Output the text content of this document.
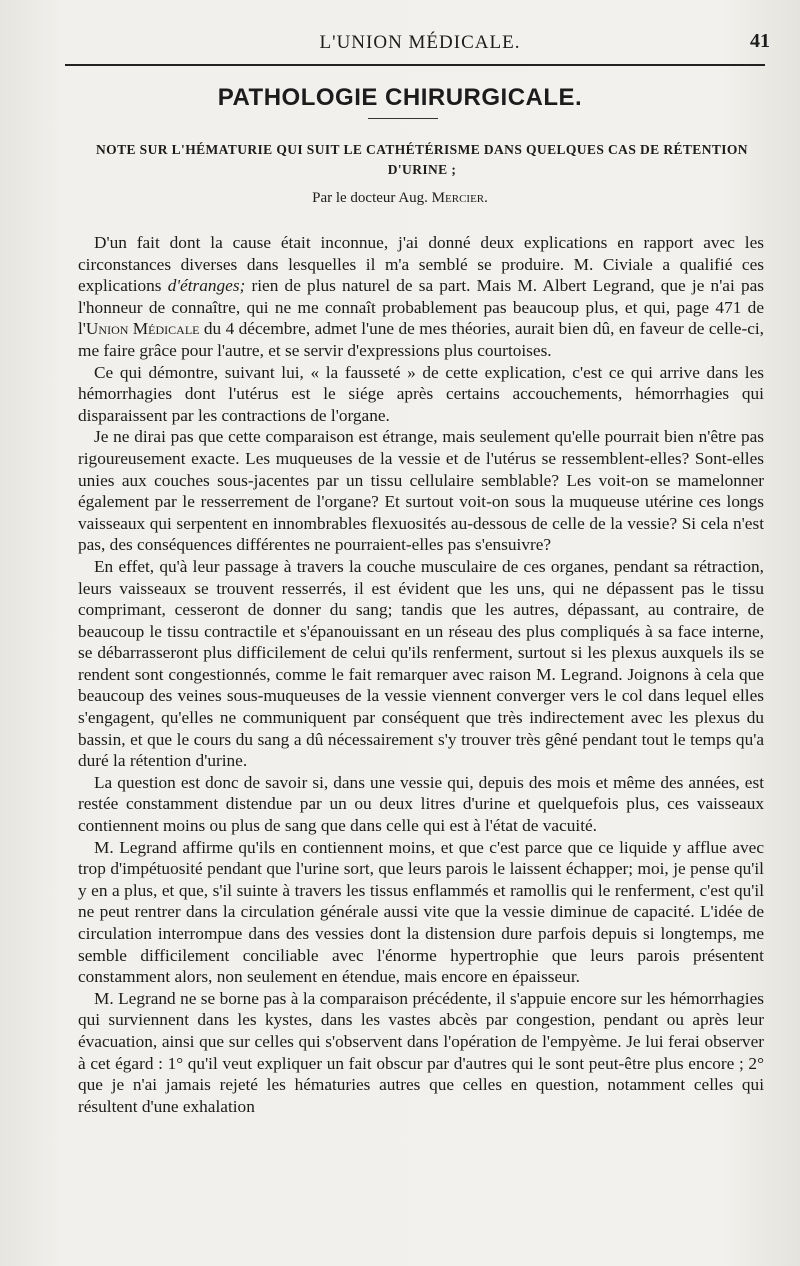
L'UNION MÉDICALE.	41
PATHOLOGIE CHIRURGICALE.
NOTE SUR L'HÉMATURIE QUI SUIT LE CATHÉTÉRISME DANS QUELQUES CAS DE RÉTENTION D'URINE ;
Par le docteur Aug. Mercier.

D'un fait dont la cause était inconnue, j'ai donné deux explications en rapport avec les circonstances diverses dans lesquelles il m'a semblé se produire. M. Civiale a qualifié ces explications d'étranges; rien de plus naturel de sa part. Mais M. Albert Legrand, que je n'ai pas l'honneur de connaître, qui ne me connaît probablement pas beaucoup plus, et qui, page 471 de l'Union Médicale du 4 décembre, admet l'une de mes théories, aurait bien dû, en faveur de celle-ci, me faire grâce pour l'autre, et se servir d'expressions plus courtoises.

Ce qui démontre, suivant lui, « la fausseté » de cette explication, c'est ce qui arrive dans les hémorrhagies dont l'utérus est le siége après certains accouchements, hémorrhagies qui disparaissent par les contractions de l'organe.

Je ne dirai pas que cette comparaison est étrange, mais seulement qu'elle pourrait bien n'être pas rigoureusement exacte. Les muqueuses de la vessie et de l'utérus se ressemblent-elles? Sont-elles unies aux couches sous-jacentes par un tissu cellulaire semblable? Les voit-on se mamelonner également par le resserrement de l'organe? Et surtout voit-on sous la muqueuse utérine ces longs vaisseaux qui serpentent en innombrables flexuosités au-dessous de celle de la vessie? Si cela n'est pas, des conséquences différentes ne pourraient-elles pas s'ensuivre?

En effet, qu'à leur passage à travers la couche musculaire de ces organes, pendant sa rétraction, leurs vaisseaux se trouvent resserrés, il est évident que les uns, qui ne dépassent pas le tissu comprimant, cesseront de donner du sang; tandis que les autres, dépassant, au contraire, de beaucoup le tissu contractile et s'épanouissant en un réseau des plus compliqués à sa face interne, se débarrasseront plus difficilement de celui qu'ils renferment, surtout si les plexus auxquels ils se rendent sont congestionnés, comme le fait remarquer avec raison M. Legrand. Joignons à cela que beaucoup des veines sous-muqueuses de la vessie viennent converger vers le col dans lequel elles s'engagent, qu'elles ne communiquent par conséquent que très indirectement avec les plexus du bassin, et que le cours du sang a dû nécessairement s'y trouver très gêné pendant tout le temps qu'a duré la rétention d'urine.

La question est donc de savoir si, dans une vessie qui, depuis des mois et même des années, est restée constamment distendue par un ou deux litres d'urine et quelquefois plus, ces vaisseaux contiennent moins ou plus de sang que dans celle qui est à l'état de vacuité.

M. Legrand affirme qu'ils en contiennent moins, et que c'est parce que ce liquide y afflue avec trop d'impétuosité pendant que l'urine sort, que leurs parois le laissent échapper; moi, je pense qu'il y en a plus, et que, s'il suinte à travers les tissus enflammés et ramollis qui le renferment, c'est qu'il ne peut rentrer dans la circulation générale aussi vite que la vessie diminue de capacité. L'idée de circulation interrompue dans des vessies dont la distension dure parfois depuis si longtemps, me semble difficilement conciliable avec l'énorme hypertrophie que leurs parois présentent constamment alors, non seulement en étendue, mais encore en épaisseur.

M. Legrand ne se borne pas à la comparaison précédente, il s'appuie encore sur les hémorrhagies qui surviennent dans les kystes, dans les vastes abcès par congestion, pendant ou après leur évacuation, ainsi que sur celles qui s'observent dans l'opération de l'empyème. Je lui ferai observer à cet égard : 1° qu'il veut expliquer un fait obscur par d'autres qui le sont peut-être plus encore ; 2° que je n'ai jamais rejeté les hématuries autres que celles en question, notamment celles qui résultent d'une exhalation
